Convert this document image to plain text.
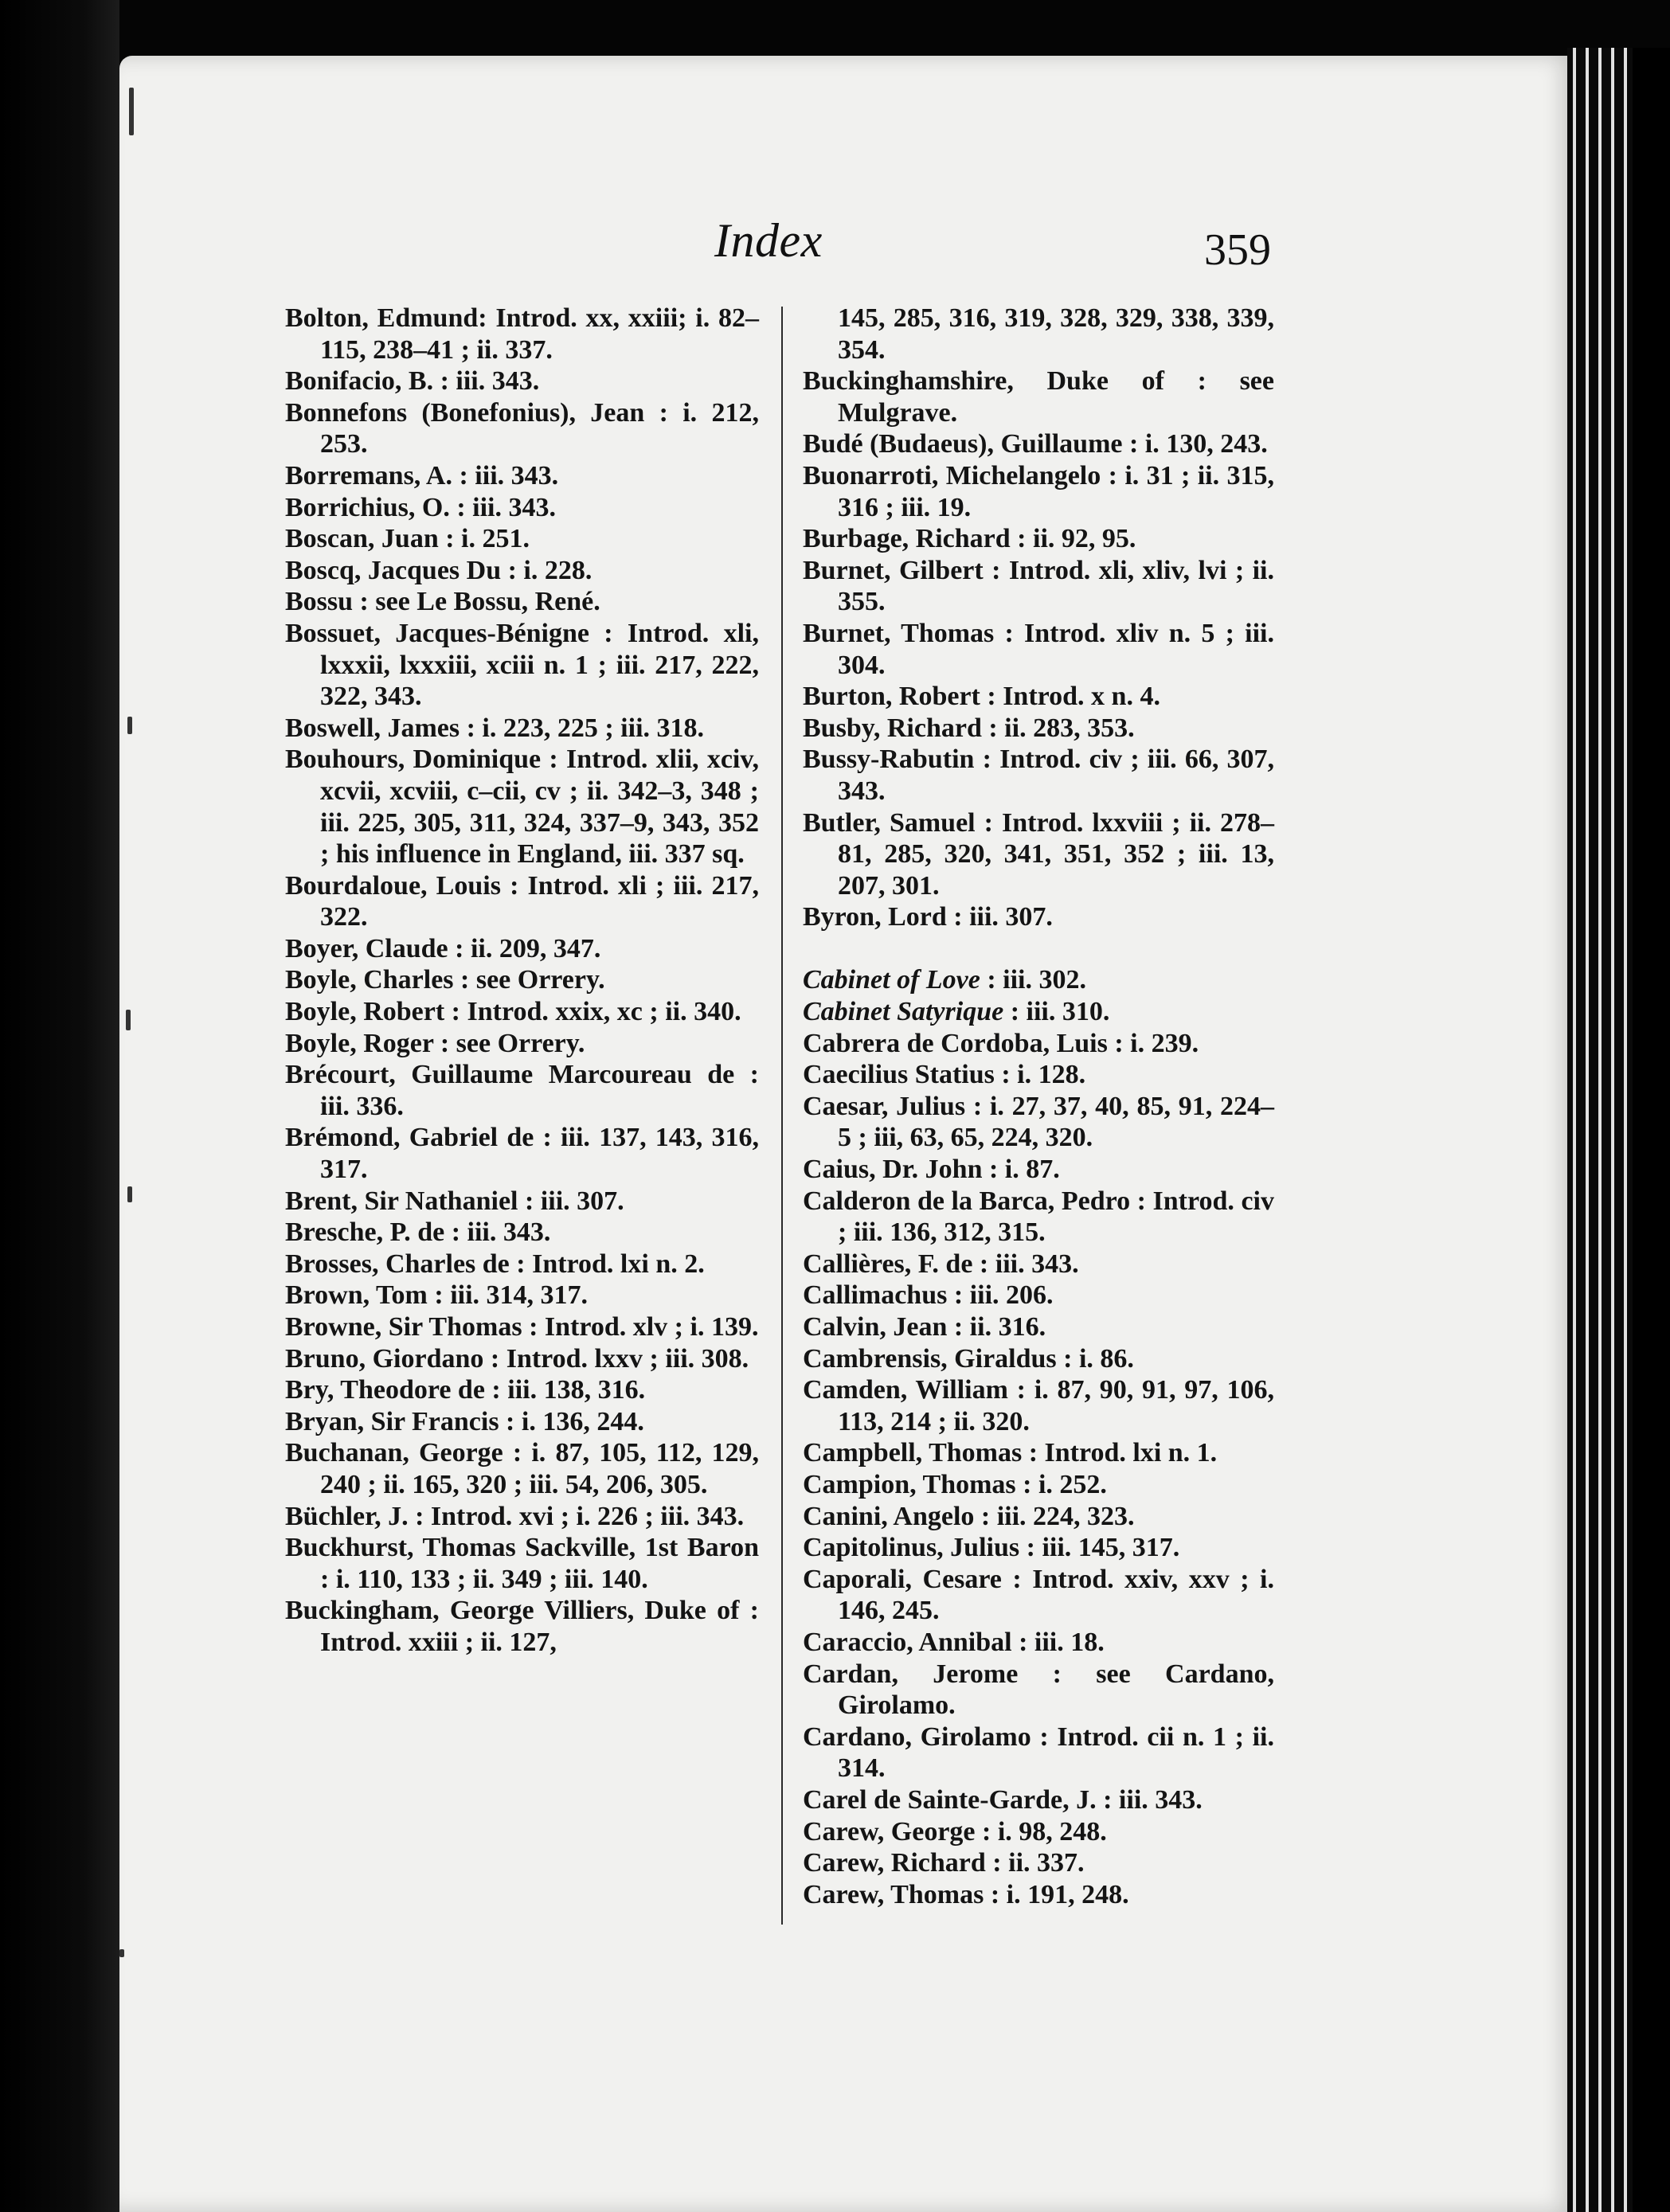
Index	359

Bolton, Edmund: Introd. xx, xxiii; i. 82–115, 238–41 ; ii. 337.

Bonifacio, B. : iii. 343.

Bonnefons (Bonefonius), Jean : i. 212, 253.

Borremans, A. : iii. 343.

Borrichius, O. : iii. 343.

Boscan, Juan : i. 251.

Boscq, Jacques Du : i. 228.

Bossu : see Le Bossu, René.

Bossuet, Jacques-Bénigne : Introd. xli, lxxxii, lxxxiii, xciii n. 1 ; iii. 217, 222, 322, 343.

Boswell, James : i. 223, 225 ; iii. 318.

Bouhours, Dominique : Introd. xlii, xciv, xcvii, xcviii, c–cii, cv ; ii. 342–3, 348 ; iii. 225, 305, 311, 324, 337–9, 343, 352 ; his influence in England, iii. 337 sq.

Bourdaloue, Louis : Introd. xli ; iii. 217, 322.

Boyer, Claude : ii. 209, 347.

Boyle, Charles : see Orrery.

Boyle, Robert : Introd. xxix, xc ; ii. 340.

Boyle, Roger : see Orrery.

Brécourt, Guillaume Marcoureau de : iii. 336.

Brémond, Gabriel de : iii. 137, 143, 316, 317.

Brent, Sir Nathaniel : iii. 307.

Bresche, P. de : iii. 343.

Brosses, Charles de : Introd. lxi n. 2.

Brown, Tom : iii. 314, 317.

Browne, Sir Thomas : Introd. xlv ; i. 139.

Bruno, Giordano : Introd. lxxv ; iii. 308.

Bry, Theodore de : iii. 138, 316.

Bryan, Sir Francis : i. 136, 244.

Buchanan, George : i. 87, 105, 112, 129, 240 ; ii. 165, 320 ; iii. 54, 206, 305.

Büchler, J. : Introd. xvi ; i. 226 ; iii. 343.

Buckhurst, Thomas Sackville, 1st Baron : i. 110, 133 ; ii. 349 ; iii. 140.

Buckingham, George Villiers, Duke of : Introd. xxiii ; ii. 127,

145, 285, 316, 319, 328, 329, 338, 339, 354.

Buckinghamshire, Duke of : see Mulgrave.

Budé (Budaeus), Guillaume : i. 130, 243.

Buonarroti, Michelangelo : i. 31 ; ii. 315, 316 ; iii. 19.

Burbage, Richard : ii. 92, 95.

Burnet, Gilbert : Introd. xli, xliv, lvi ; ii. 355.

Burnet, Thomas : Introd. xliv n. 5 ; iii. 304.

Burton, Robert : Introd. x n. 4.

Busby, Richard : ii. 283, 353.

Bussy-Rabutin : Introd. civ ; iii. 66, 307, 343.

Butler, Samuel : Introd. lxxviii ; ii. 278–81, 285, 320, 341, 351, 352 ; iii. 13, 207, 301.

Byron, Lord : iii. 307.

Cabinet of Love : iii. 302.

Cabinet Satyrique : iii. 310.

Cabrera de Cordoba, Luis : i. 239.

Caecilius Statius : i. 128.

Caesar, Julius : i. 27, 37, 40, 85, 91, 224–5 ; iii, 63, 65, 224, 320.

Caius, Dr. John : i. 87.

Calderon de la Barca, Pedro : Introd. civ ; iii. 136, 312, 315.

Callières, F. de : iii. 343.

Callimachus : iii. 206.

Calvin, Jean : ii. 316.

Cambrensis, Giraldus : i. 86.

Camden, William : i. 87, 90, 91, 97, 106, 113, 214 ; ii. 320.

Campbell, Thomas : Introd. lxi n. 1.

Campion, Thomas : i. 252.

Canini, Angelo : iii. 224, 323.

Capitolinus, Julius : iii. 145, 317.

Caporali, Cesare : Introd. xxiv, xxv ; i. 146, 245.

Caraccio, Annibal : iii. 18.

Cardan, Jerome : see Cardano, Girolamo.

Cardano, Girolamo : Introd. cii n. 1 ; ii. 314.

Carel de Sainte-Garde, J. : iii. 343.

Carew, George : i. 98, 248.

Carew, Richard : ii. 337.

Carew, Thomas : i. 191, 248.
